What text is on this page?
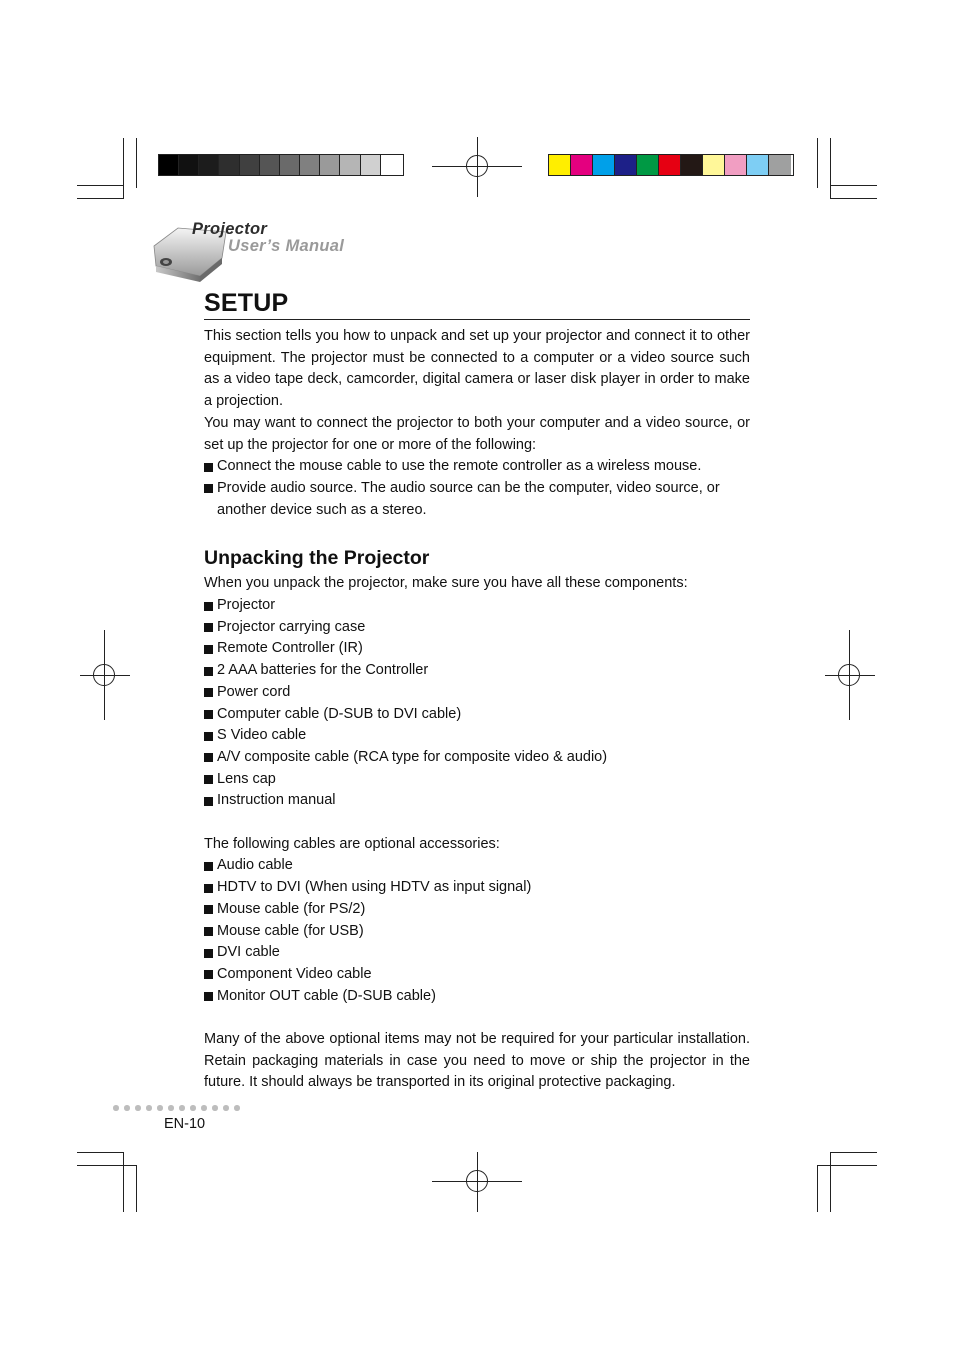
Projector
User’s Manual
SETUP

This section tells you how to unpack and set up your projector and connect it to other equipment. The projector must be connected to a computer or a video source such as a video tape deck, camcorder, digital camera or laser disk player in order to make a projection.

You may want to connect the projector to both your computer and a video source, or set up the projector for one or more of the following:

Connect the mouse cable to use the remote controller as a wireless mouse.
Provide audio source. The audio source can be the computer, video source, or another device such as a stereo.
Unpacking the Projector

When you unpack the projector, make sure you have all these components:

Projector
Projector carrying case
Remote Controller (IR)
2 AAA batteries for the Controller
Power cord
Computer cable (D-SUB to DVI cable)
S Video cable
A/V composite cable (RCA type for composite video & audio)
Lens cap
Instruction manual

The following cables are optional accessories:

Audio cable
HDTV to DVI (When using HDTV as input signal)
Mouse cable (for PS/2)
Mouse cable (for USB)
DVI cable
Component Video cable
Monitor OUT cable (D-SUB cable)

Many of the above optional items may not be required for your particular installation. Retain packaging materials in case you need to move or ship the projector in the future. It should always be transported in its original protective packaging.

EN-10
